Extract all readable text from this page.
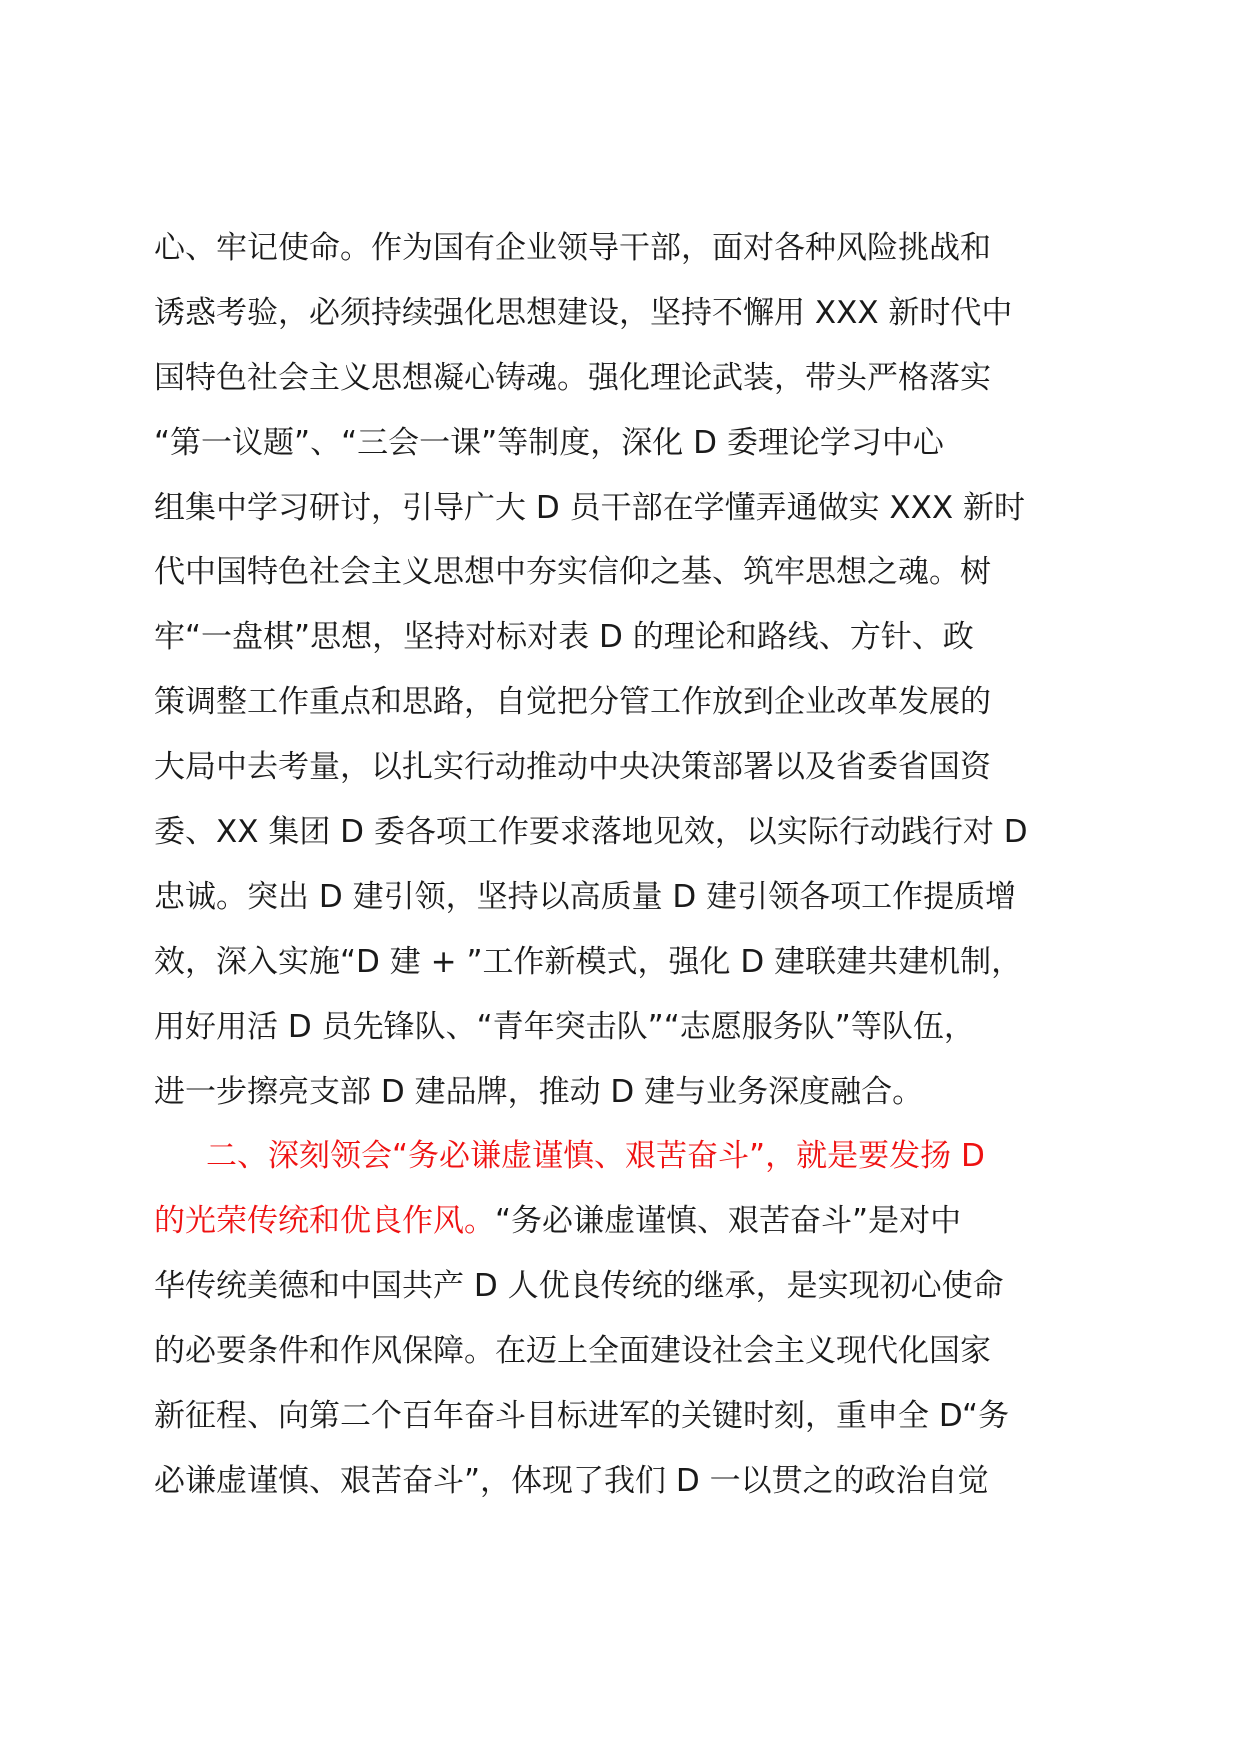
心、牢记使命。作为国有企业领导干部，面对各种风险挑战和
诱惑考验，必须持续强化思想建设，坚持不懈用 XXX 新时代中
国特色社会主义思想凝心铸魂。强化理论武装，带头严格落实
“第一议题”、“三会一课”等制度，深化 D 委理论学习中心
组集中学习研讨，引导广大 D 员干部在学懂弄通做实 XXX 新时
代中国特色社会主义思想中夯实信仰之基、筑牢思想之魂。树
牢“一盘棋”思想，坚持对标对表 D 的理论和路线、方针、政
策调整工作重点和思路，自觉把分管工作放到企业改革发展的
大局中去考量，以扎实行动推动中央决策部署以及省委省国资
委、XX 集团 D 委各项工作要求落地见效，以实际行动践行对 D
忠诚。突出 D 建引领，坚持以高质量 D 建引领各项工作提质增
效，深入实施“D 建 + ”工作新模式，强化 D 建联建共建机制，
用好用活 D 员先锋队、“青年突击队”“志愿服务队”等队伍，
进一步擦亮支部 D 建品牌，推动 D 建与业务深度融合。
二、深刻领会“务必谦虚谨慎、艰苦奋斗”，就是要发扬 D
的光荣传统和优良作风。“务必谦虚谨慎、艰苦奋斗”是对中
华传统美德和中国共产 D 人优良传统的继承，是实现初心使命
的必要条件和作风保障。在迈上全面建设社会主义现代化国家
新征程、向第二个百年奋斗目标进军的关键时刻，重申全 D“务
必谦虚谨慎、艰苦奋斗”，体现了我们 D 一以贯之的政治自觉
